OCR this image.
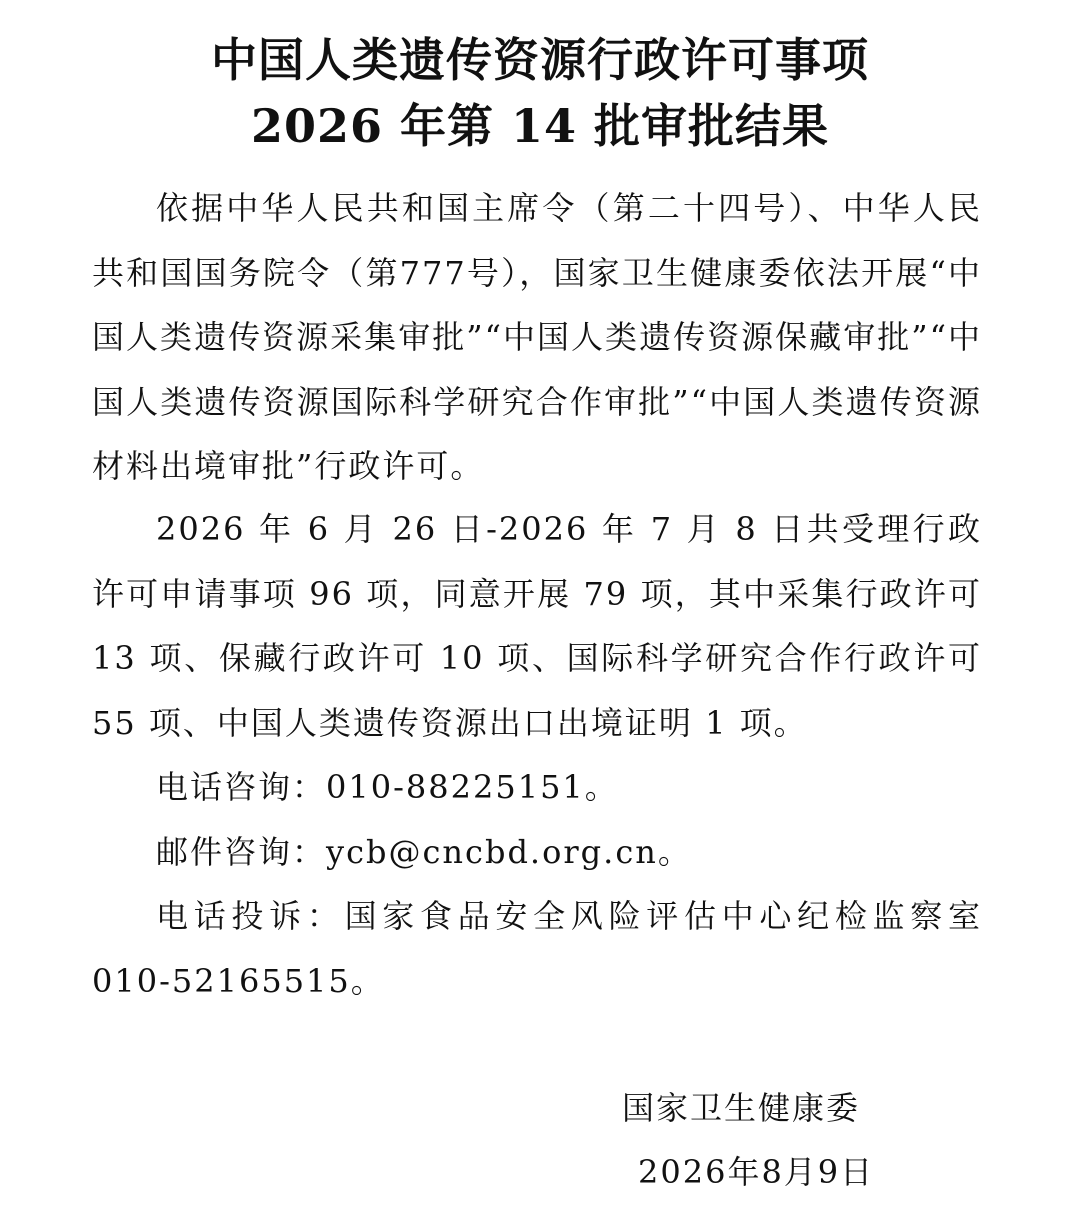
中国人类遗传资源行政许可事项
2026 年第 14 批审批结果

依据中华人民共和国主席令（第二十四号）、中华人民共和国国务院令（第777号），国家卫生健康委依法开展“中国人类遗传资源采集审批”“中国人类遗传资源保藏审批”“中国人类遗传资源国际科学研究合作审批”“中国人类遗传资源材料出境审批”行政许可。

2026 年 6 月 26 日-2026 年 7 月 8 日共受理行政许可申请事项 96 项，同意开展 79 项，其中采集行政许可 13 项、保藏行政许可 10 项、国际科学研究合作行政许可 55 项、中国人类遗传资源出口出境证明 1 项。

电话咨询：010-88225151。

邮件咨询：ycb@cncbd.org.cn。

电话投诉：国家食品安全风险评估中心纪检监察室 010-52165515。

国家卫生健康委

2026年8月9日
